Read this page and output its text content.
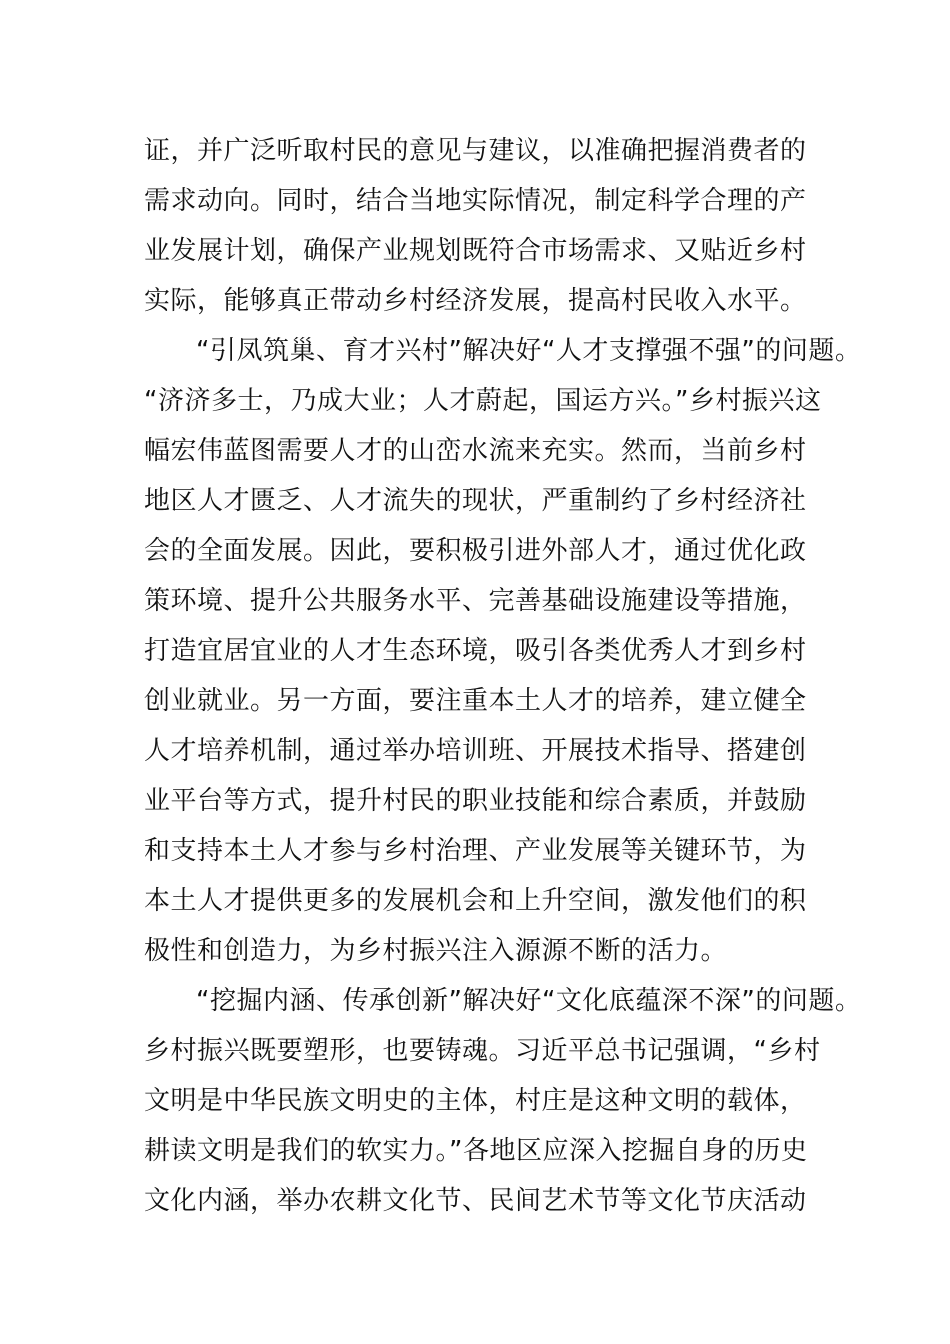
证，并广泛听取村民的意见与建议，以准确把握消费者的
需求动向。同时，结合当地实际情况，制定科学合理的产
业发展计划，确保产业规划既符合市场需求、又贴近乡村
实际，能够真正带动乡村经济发展，提高村民收入水平。
“引凤筑巢、育才兴村”解决好“人才支撑强不强”的问题。
“济济多士，乃成大业；人才蔚起，国运方兴。”乡村振兴这
幅宏伟蓝图需要人才的山峦水流来充实。然而，当前乡村
地区人才匮乏、人才流失的现状，严重制约了乡村经济社
会的全面发展。因此，要积极引进外部人才，通过优化政
策环境、提升公共服务水平、完善基础设施建设等措施，
打造宜居宜业的人才生态环境，吸引各类优秀人才到乡村
创业就业。另一方面，要注重本土人才的培养，建立健全
人才培养机制，通过举办培训班、开展技术指导、搭建创
业平台等方式，提升村民的职业技能和综合素质，并鼓励
和支持本土人才参与乡村治理、产业发展等关键环节，为
本土人才提供更多的发展机会和上升空间，激发他们的积
极性和创造力，为乡村振兴注入源源不断的活力。
“挖掘内涵、传承创新”解决好“文化底蕴深不深”的问题。
乡村振兴既要塑形，也要铸魂。习近平总书记强调，“乡村
文明是中华民族文明史的主体，村庄是这种文明的载体，
耕读文明是我们的软实力。”各地区应深入挖掘自身的历史
文化内涵，举办农耕文化节、民间艺术节等文化节庆活动
